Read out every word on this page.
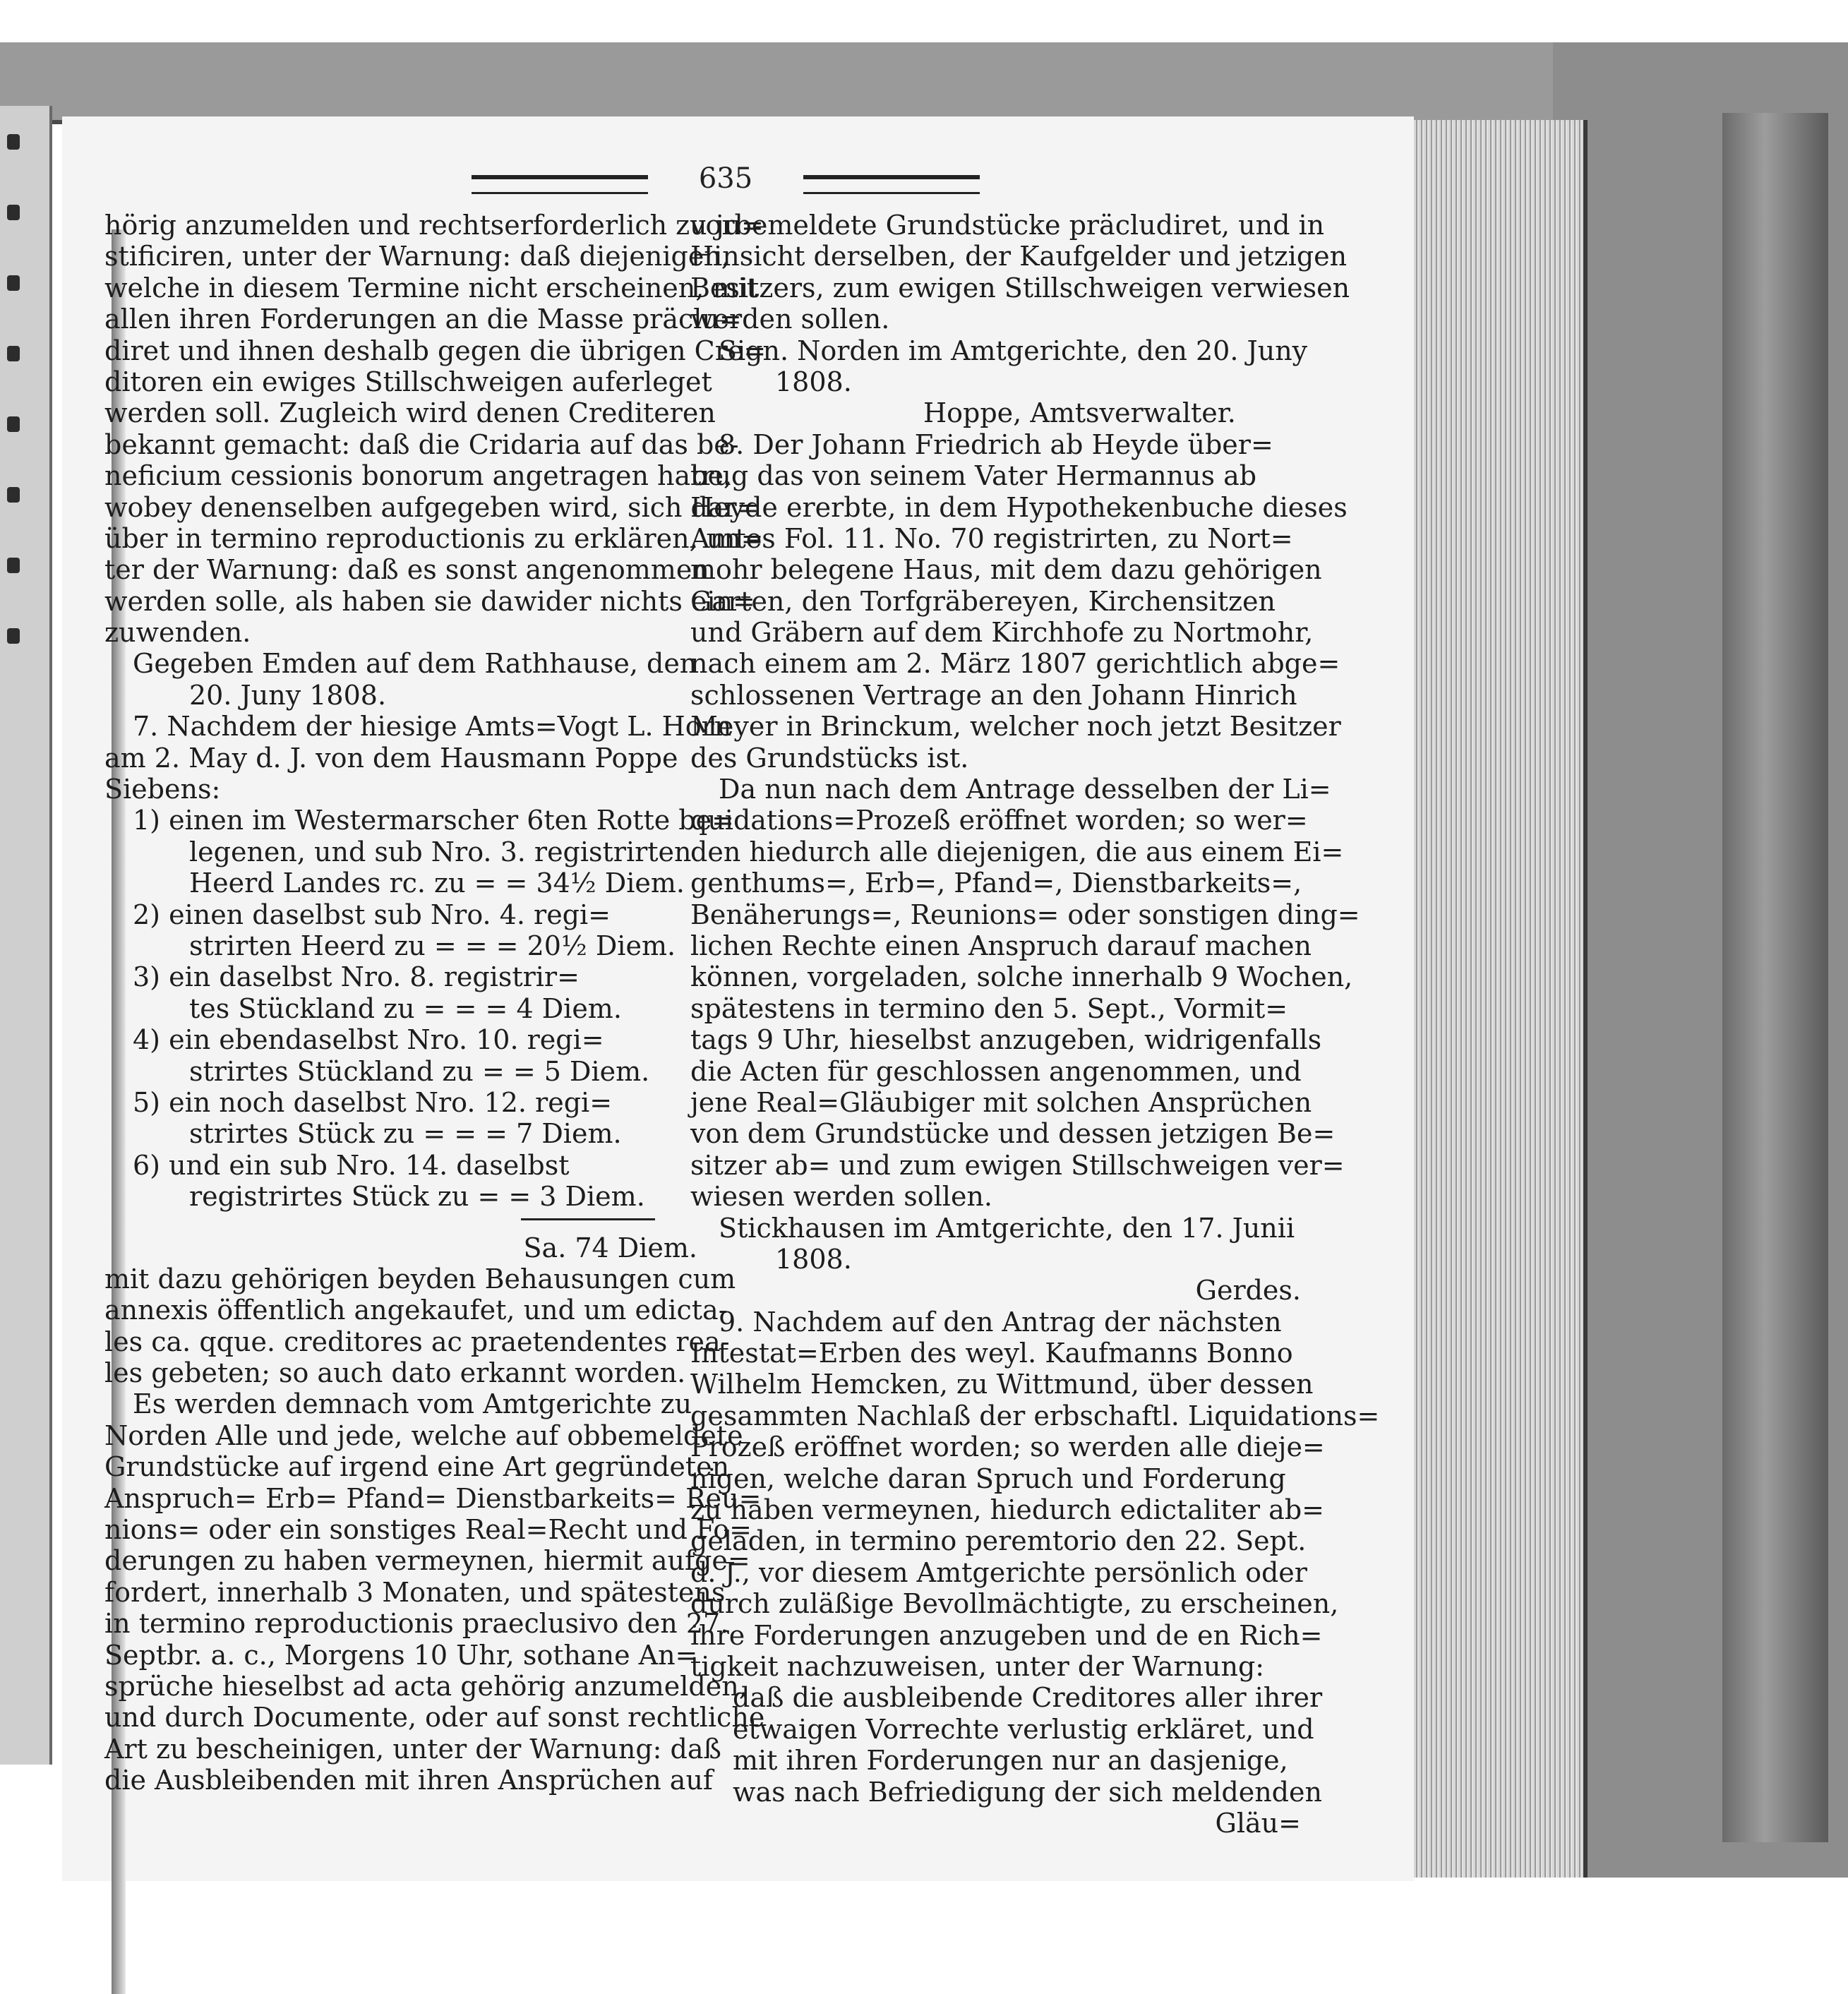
635
hörig anzumelden und rechtserforderlich zu ju=
stificiren, unter der Warnung: daß diejenigen,
welche in diesem Termine nicht erscheinen, mit
allen ihren Forderungen an die Masse präclu=
diret und ihnen deshalb gegen die übrigen Cre=
ditoren ein ewiges Stillschweigen auferleget
werden soll. Zugleich wird denen Crediteren
bekannt gemacht: daß die Cridaria auf das be-
neficium cessionis bonorum angetragen habe,
wobey denenselben aufgegeben wird, sich dar=
über in termino reproductionis zu erklären, un=
ter der Warnung: daß es sonst angenommen
werden solle, als haben sie dawider nichts ein=
zuwenden.
Gegeben Emden auf dem Rathhause, den
20. Juny 1808.
7. Nachdem der hiesige Amts=Vogt L. Horn
am 2. May d. J. von dem Hausmann Poppe
Siebens:
1) einen im Westermarscher 6ten Rotte be=
legenen, und sub Nro. 3. registrirten
Heerd Landes rc. zu = = 34½ Diem.
2) einen daselbst sub Nro. 4. regi=
strirten Heerd zu = = = 20½ Diem.
3) ein daselbst Nro. 8. registrir=
tes Stückland zu = = = 4 Diem.
4) ein ebendaselbst Nro. 10. regi=
strirtes Stückland zu = = 5 Diem.
5) ein noch daselbst Nro. 12. regi=
strirtes Stück zu = = = 7 Diem.
6) und ein sub Nro. 14. daselbst
registrirtes Stück zu = = 3 Diem.
Sa. 74 Diem.
mit dazu gehörigen beyden Behausungen cum
annexis öffentlich angekaufet, und um edicta-
les ca. qque. creditores ac praetendentes rea-
les gebeten; so auch dato erkannt worden.
Es werden demnach vom Amtgerichte zu
Norden Alle und jede, welche auf obbemeldete
Grundstücke auf irgend eine Art gegründeten
Anspruch= Erb= Pfand= Dienstbarkeits= Reu=
nions= oder ein sonstiges Real=Recht und Fo=
derungen zu haben vermeynen, hiermit aufge=
fordert, innerhalb 3 Monaten, und spätestens
in termino reproductionis praeclusivo den 27.
Septbr. a. c., Morgens 10 Uhr, sothane An=
sprüche hieselbst ad acta gehörig anzumelden,
und durch Documente, oder auf sonst rechtliche
Art zu bescheinigen, unter der Warnung: daß
die Ausbleibenden mit ihren Ansprüchen auf
vorbemeldete Grundstücke präcludiret, und in
Hinsicht derselben, der Kaufgelder und jetzigen
Besitzers, zum ewigen Stillschweigen verwiesen
werden sollen.
Sign. Norden im Amtgerichte, den 20. Juny
1808.
Hoppe, Amtsverwalter.
8. Der Johann Friedrich ab Heyde über=
trug das von seinem Vater Hermannus ab
Heyde ererbte, in dem Hypothekenbuche dieses
Amtes Fol. 11. No. 70 registrirten, zu Nort=
mohr belegene Haus, mit dem dazu gehörigen
Garten, den Torfgräbereyen, Kirchensitzen
und Gräbern auf dem Kirchhofe zu Nortmohr,
nach einem am 2. März 1807 gerichtlich abge=
schlossenen Vertrage an den Johann Hinrich
Meyer in Brinckum, welcher noch jetzt Besitzer
des Grundstücks ist.
Da nun nach dem Antrage desselben der Li=
quidations=Prozeß eröffnet worden; so wer=
den hiedurch alle diejenigen, die aus einem Ei=
genthums=, Erb=, Pfand=, Dienstbarkeits=,
Benäherungs=, Reunions= oder sonstigen ding=
lichen Rechte einen Anspruch darauf machen
können, vorgeladen, solche innerhalb 9 Wochen,
spätestens in termino den 5. Sept., Vormit=
tags 9 Uhr, hieselbst anzugeben, widrigenfalls
die Acten für geschlossen angenommen, und
jene Real=Gläubiger mit solchen Ansprüchen
von dem Grundstücke und dessen jetzigen Be=
sitzer ab= und zum ewigen Stillschweigen ver=
wiesen werden sollen.
Stickhausen im Amtgerichte, den 17. Junii
1808.
Gerdes.
9. Nachdem auf den Antrag der nächsten
Intestat=Erben des weyl. Kaufmanns Bonno
Wilhelm Hemcken, zu Wittmund, über dessen
gesammten Nachlaß der erbschaftl. Liquidations=
Prozeß eröffnet worden; so werden alle dieje=
nigen, welche daran Spruch und Forderung
zu haben vermeynen, hiedurch edictaliter ab=
geladen, in termino peremtorio den 22. Sept.
d. J., vor diesem Amtgerichte persönlich oder
durch zuläßige Bevollmächtigte, zu erscheinen,
ihre Forderungen anzugeben und de en Rich=
tigkeit nachzuweisen, unter der Warnung:
daß die ausbleibende Creditores aller ihrer
etwaigen Vorrechte verlustig erkläret, und
mit ihren Forderungen nur an dasjenige,
was nach Befriedigung der sich meldenden
Gläu=
